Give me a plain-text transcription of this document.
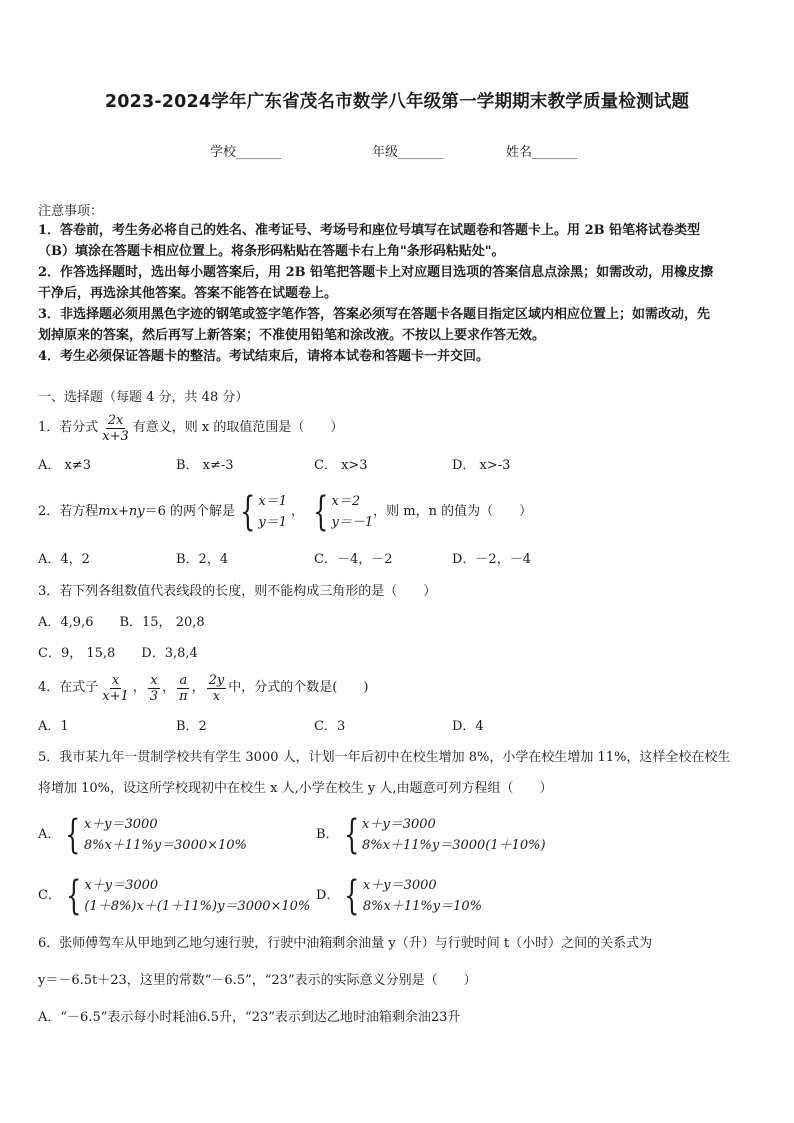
2023-2024学年广东省茂名市数学八年级第一学期期末教学质量检测试题
学校_______	年级_______	姓名_______
注意事项：
1．答卷前，考生务必将自己的姓名、准考证号、考场号和座位号填写在试题卷和答题卡上。用 2B 铅笔将试卷类型
（B）填涂在答题卡相应位置上。将条形码粘贴在答题卡右上角"条形码粘贴处"。
2．作答选择题时，选出每小题答案后，用 2B 铅笔把答题卡上对应题目选项的答案信息点涂黑；如需改动，用橡皮擦
干净后，再选涂其他答案。答案不能答在试题卷上。
3．非选择题必须用黑色字迹的钢笔或签字笔作答，答案必须写在答题卡各题目指定区域内相应位置上；如需改动，先
划掉原来的答案，然后再写上新答案；不准使用铅笔和涂改液。不按以上要求作答无效。
4．考生必须保证答题卡的整洁。考试结束后，请将本试卷和答题卡一并交回。
一、选择题（每题 4 分，共 48 分）
1．若分式 $\frac{2x}{x+3}$ 有意义，则 x 的取值范围是（　　）
A． x≠3	B． x≠-3	C． x>3	D． x>-3
2．若方程 mx+ny ＝6 的两个解是 { x＝1
y＝1
， { x＝2
y＝－1
，则 m，n 的值为（　　）
A．4，2	B．2，4	C．－4，－2	D．－2，－4
3．若下列各组数值代表线段的长度，则不能构成三角形的是（　　）
A．4,9,6　　B．15， 20,8
C．9， 15,8　　D．3,8,4
4．在式子 $\frac{x}{x+1}$ ， $\frac{x}{3}$ ， $\frac{a}{\pi}$ ， $\frac{2y}{x}$ 中，分式的个数是(　　)
A．1	B．2	C．3	D．4
5．我市某九年一贯制学校共有学生 3000 人，计划一年后初中在校生增加 8%，小学在校生增加 11%，这样全校在校生
将增加 10%，设这所学校现初中在校生 x 人,小学在校生 y 人,由题意可列方程组（　　）
A． { x＋y＝3000
8%x＋11%y＝3000×10%
B． { x＋y＝3000
8%x＋11%y＝3000(1＋10%)
C． { x＋y＝3000
(1＋8%)x＋(1＋11%)y＝3000×10%
D． { x＋y＝3000
8%x＋11%y＝10%
6．张师傅驾车从甲地到乙地匀速行驶，行驶中油箱剩余油量 y（升）与行驶时间 t（小时）之间的关系式为
y＝－6.5t＋23，这里的常数“－6.5”，“23”表示的实际意义分别是（　　）
A．“－6.5”表示每小时耗油6.5升，“23”表示到达乙地时油箱剩余油23升
